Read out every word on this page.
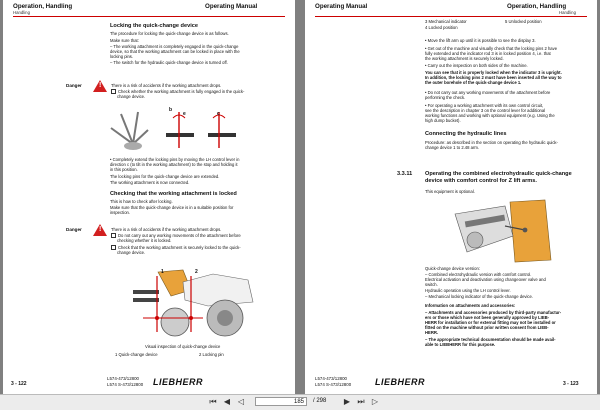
Operation, Handling
Handling
Operating Manual
Locking the quick-change device
The procedure for locking the quick-change device is as follows.
Make sure that:
– The working attachment is completely engaged in the quick-change
device, so that the working attachment can be locked in place with the
locking pins.
– The switch for the hydraulic quick-change device is turned off.
Danger ! There is a risk of accidents if the working attachment drops.
Check whether the working attachment is fully engaged in the quick-
change device.
b
e	c
• Completely extend the locking pins by moving the LH control lever in
direction c (to tilt in the working attachment) to the stop and holding it
in this position.
The locking pins for the quick-change device are extended.
The working attachment is now connected.
Checking that the working attachment is locked
This is how to check after locking.
Make sure that the quick-change device is in a suitable position for
inspection.
Danger ! There is a risk of accidents if the working attachment drops.
Do not carry out any working movements of the attachment before
checking whether it is locked.
Check that the working attachment is securely locked to the quick-
change device.
1	2
Visual inspection of quick-change device
1 Quick-change device	2 Locking pin
3 - 122
L574-473/12800
L574 S-473/12800 LIEBHERR
Operating Manual	Operation, Handling
Handling
3 Mechanical indicator	5 Unlocked position
4 Locked position
• Move the lift arm up until it is possible to see the display 3.
• Get out of the machine and visually check that the locking pins 2 have
fully extended and the indicator rod 3 is in locked position 4, i.e. that
the working attachment is securely locked.
• Carry out the inspection on both sides of the machine.
You can see that it is properly locked when the indicator 3 is upright.
In addition, the locking pins 2 must have been inserted all the way to
the outer borehole of the quick-change device 1.
• Do not carry out any working movements of the attachment before
performing the check.
• For operating a working attachment with its own control circuit,
see the description in chapter 3 on the control lever for additional
working functions and working with optional equipment (e.g. Using the
high dump bucket).
Connecting the hydraulic lines
Procedure: as described in the section on operating the hydraulic quick-
change device 1 to 2.48 arm.
3.3.11 Operating the combined electrohydraulic quick-change
device with comfort control for Z lift arms.
This equipment is optional.
Quick-change device version:
– Combined electrohydraulic version with comfort control.
Electrical activation and deactivation using changeover valve and
switch.
Hydraulic operation using the LH control lever.
– Mechanical locking indicator of the quick-change device.
Information on attachments and accessories:
– Attachments and accessories produced by third-party manufactur-
ers or those which have not been generally approved by LIEB-
HERR for installation or for external fitting may not be installed or
fitted on the machine without prior written consent from LIEB-
HERR.
– The appropriate technical documentation should be made avail-
able to LIEBHERR for this purpose.
L574-473/12800
L574 S-473/12800	LIEBHERR	3 - 123
⏮ ◀ ◁	185	/ 298 ▶ ⏭ ▷
